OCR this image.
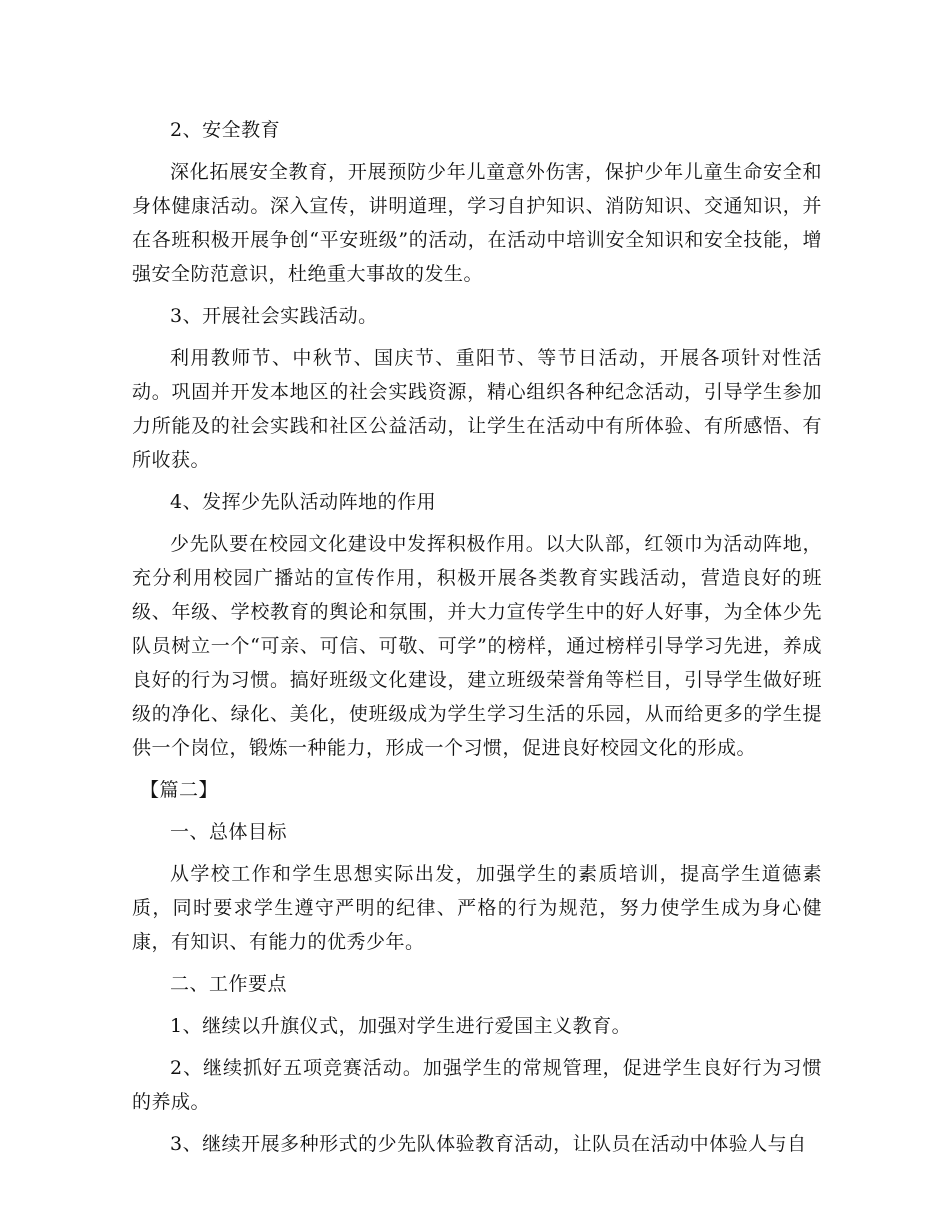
2、安全教育

深化拓展安全教育，开展预防少年儿童意外伤害，保护少年儿童生命安全和身体健康活动。深入宣传，讲明道理，学习自护知识、消防知识、交通知识，并在各班积极开展争创“平安班级”的活动，在活动中培训安全知识和安全技能，增强安全防范意识，杜绝重大事故的发生。

3、开展社会实践活动。

利用教师节、中秋节、国庆节、重阳节、等节日活动，开展各项针对性活动。巩固并开发本地区的社会实践资源，精心组织各种纪念活动，引导学生参加力所能及的社会实践和社区公益活动，让学生在活动中有所体验、有所感悟、有所收获。

4、发挥少先队活动阵地的作用

少先队要在校园文化建设中发挥积极作用。以大队部，红领巾为活动阵地，充分利用校园广播站的宣传作用，积极开展各类教育实践活动，营造良好的班级、年级、学校教育的舆论和氛围，并大力宣传学生中的好人好事，为全体少先队员树立一个“可亲、可信、可敬、可学”的榜样，通过榜样引导学习先进，养成良好的行为习惯。搞好班级文化建设，建立班级荣誉角等栏目，引导学生做好班级的净化、绿化、美化，使班级成为学生学习生活的乐园，从而给更多的学生提供一个岗位，锻炼一种能力，形成一个习惯，促进良好校园文化的形成。

【篇二】

一、总体目标

从学校工作和学生思想实际出发，加强学生的素质培训，提高学生道德素质，同时要求学生遵守严明的纪律、严格的行为规范，努力使学生成为身心健康，有知识、有能力的优秀少年。

二、工作要点

1、继续以升旗仪式，加强对学生进行爱国主义教育。

2、继续抓好五项竞赛活动。加强学生的常规管理，促进学生良好行为习惯的养成。

3、继续开展多种形式的少先队体验教育活动，让队员在活动中体验人与自
